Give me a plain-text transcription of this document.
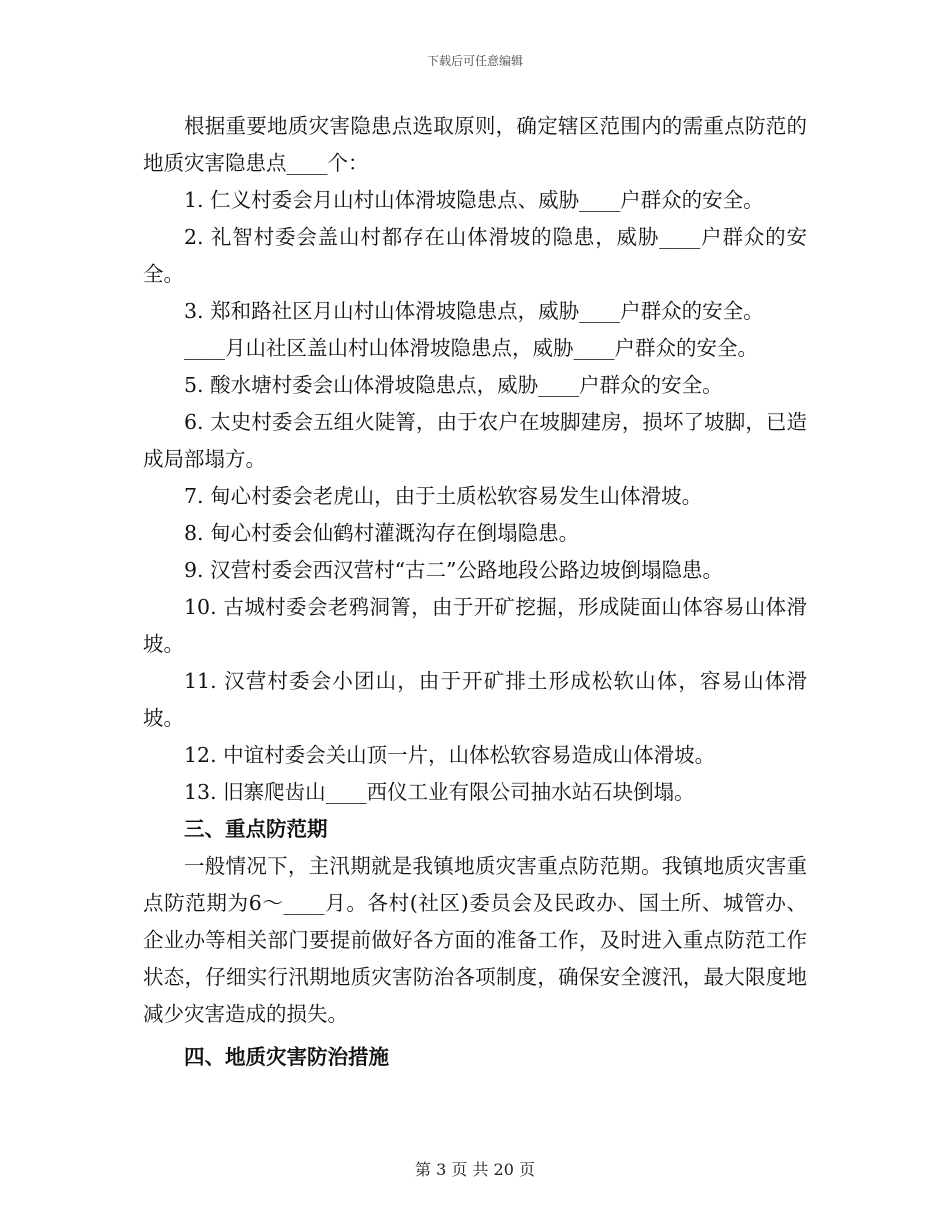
下载后可任意编辑

根据重要地质灾害隐患点选取原则，确定辖区范围内的需重点防范的地质灾害隐患点____个：

1. 仁义村委会月山村山体滑坡隐患点、威胁____户群众的安全。

2. 礼智村委会盖山村都存在山体滑坡的隐患，威胁____户群众的安全。

3. 郑和路社区月山村山体滑坡隐患点，威胁____户群众的安全。

____月山社区盖山村山体滑坡隐患点，威胁____户群众的安全。

5. 酸水塘村委会山体滑坡隐患点，威胁____户群众的安全。

6. 太史村委会五组火陡箐，由于农户在坡脚建房，损坏了坡脚，已造成局部塌方。

7. 甸心村委会老虎山，由于土质松软容易发生山体滑坡。

8. 甸心村委会仙鹤村灌溉沟存在倒塌隐患。

9. 汉营村委会西汉营村“古二”公路地段公路边坡倒塌隐患。

10. 古城村委会老鸦洞箐，由于开矿挖掘，形成陡面山体容易山体滑坡。

11. 汉营村委会小团山，由于开矿排土形成松软山体，容易山体滑坡。

12. 中谊村委会关山顶一片，山体松软容易造成山体滑坡。

13. 旧寨爬齿山____西仪工业有限公司抽水站石块倒塌。

三、重点防范期

一般情况下，主汛期就是我镇地质灾害重点防范期。我镇地质灾害重点防范期为6～____月。各村(社区)委员会及民政办、国土所、城管办、企业办等相关部门要提前做好各方面的准备工作，及时进入重点防范工作状态，仔细实行汛期地质灾害防治各项制度，确保安全渡汛，最大限度地减少灾害造成的损失。

四、地质灾害防治措施

第 3 页 共 20 页
